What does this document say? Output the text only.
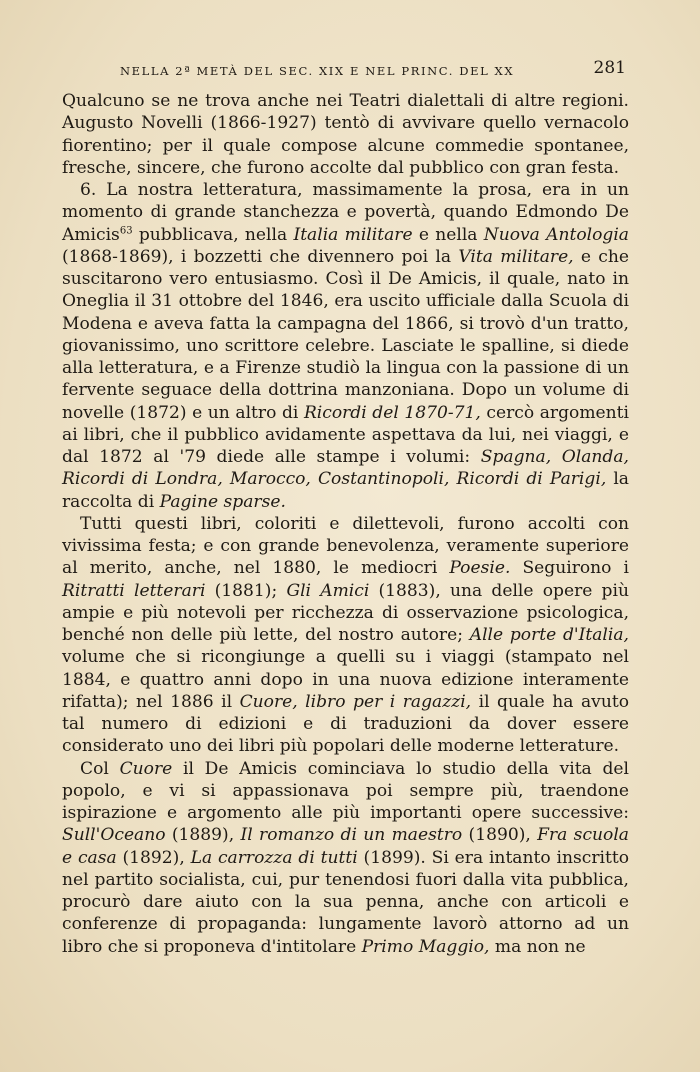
NELLA 2ª METÀ DEL SEC. XIX E NEL PRINC. DEL XX	281

Qualcuno se ne trova anche nei Teatri dialettali di altre regioni. Augusto Novelli (1866-1927) tentò di avvivare quello vernacolo fiorentino; per il quale compose alcune commedie spontanee, fresche, sincere, che furono accolte dal pubblico con gran festa.

6. La nostra letteratura, massimamente la prosa, era in un momento di grande stanchezza e povertà, quando Edmondo De Amicis$^{63}$ pubblicava, nella Italia militare e nella Nuova Antologia (1868-1869), i bozzetti che divennero poi la Vita militare, e che suscitarono vero entusiasmo. Così il De Amicis, il quale, nato in Oneglia il 31 ottobre del 1846, era uscito ufficiale dalla Scuola di Modena e aveva fatta la campagna del 1866, si trovò d'un tratto, giovanissimo, uno scrittore celebre. Lasciate le spalline, si diede alla letteratura, e a Firenze studiò la lingua con la passione di un fervente seguace della dottrina manzoniana. Dopo un volume di novelle (1872) e un altro di Ricordi del 1870-71, cercò argomenti ai libri, che il pubblico avidamente aspettava da lui, nei viaggi, e dal 1872 al '79 diede alle stampe i volumi: Spagna, Olanda, Ricordi di Londra, Marocco, Costantinopoli, Ricordi di Parigi, la raccolta di Pagine sparse.

Tutti questi libri, coloriti e dilettevoli, furono accolti con vivissima festa; e con grande benevolenza, veramente superiore al merito, anche, nel 1880, le mediocri Poesie. Seguirono i Ritratti letterari (1881); Gli Amici (1883), una delle opere più ampie e più notevoli per ricchezza di osservazione psicologica, benché non delle più lette, del nostro autore; Alle porte d'Italia, volume che si ricongiunge a quelli su i viaggi (stampato nel 1884, e quattro anni dopo in una nuova edizione interamente rifatta); nel 1886 il Cuore, libro per i ragazzi, il quale ha avuto tal numero di edizioni e di traduzioni da dover essere considerato uno dei libri più popolari delle moderne letterature.

Col Cuore il De Amicis cominciava lo studio della vita del popolo, e vi si appassionava poi sempre più, traendone ispirazione e argomento alle più importanti opere successive: Sull'Oceano (1889), Il romanzo di un maestro (1890), Fra scuola e casa (1892), La carrozza di tutti (1899). Si era intanto inscritto nel partito socialista, cui, pur tenendosi fuori dalla vita pubblica, procurò dare aiuto con la sua penna, anche con articoli e conferenze di propaganda: lungamente lavorò attorno ad un libro che si proponeva d'intitolare Primo Maggio, ma non ne
